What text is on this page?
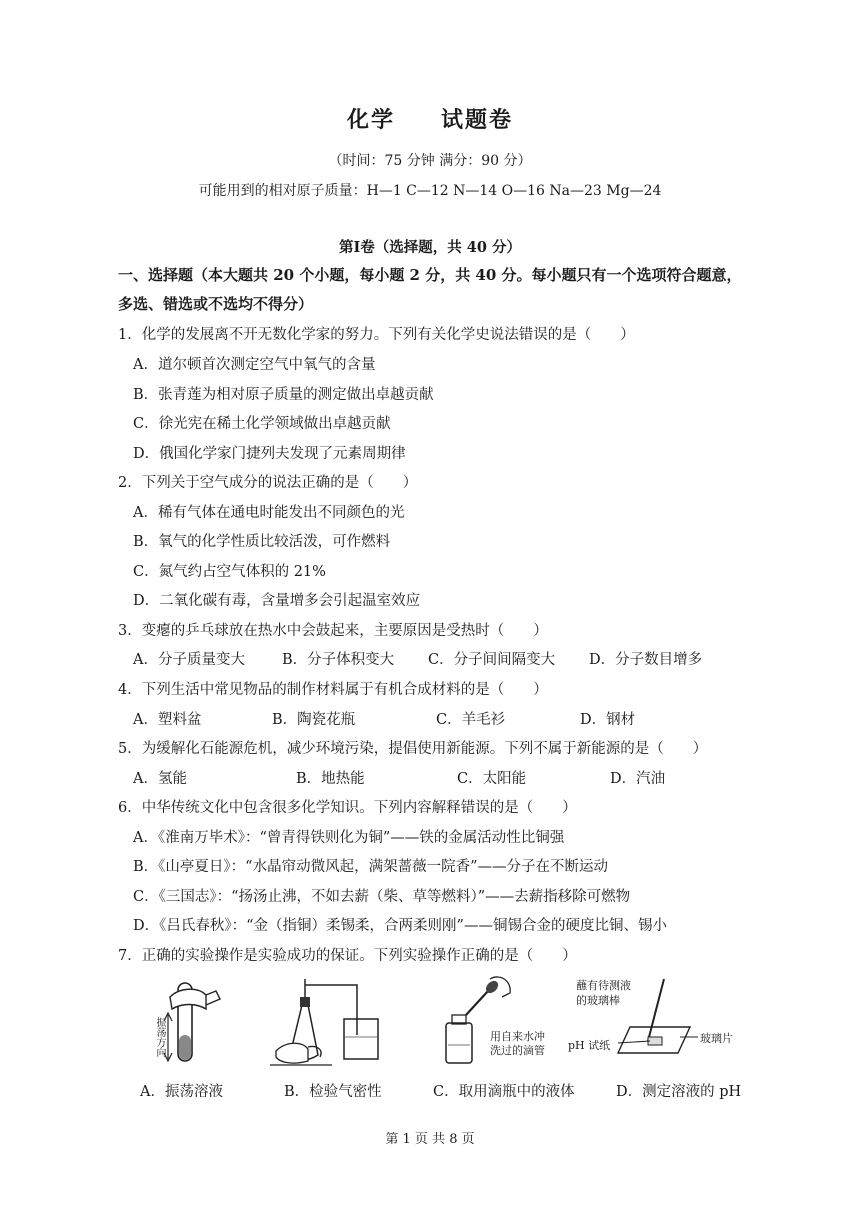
化学 试题卷
（时间：75 分钟 满分：90 分）
可能用到的相对原子质量：H—1 C—12 N—14 O—16 Na—23 Mg—24
第Ⅰ卷（选择题，共 40 分）
一、选择题（本大题共 20 个小题，每小题 2 分，共 40 分。每小题只有一个选项符合题意，
多选、错选或不选均不得分）
1．化学的发展离不开无数化学家的努力。下列有关化学史说法错误的是（　　）
A．道尔顿首次测定空气中氧气的含量
B．张青莲为相对原子质量的测定做出卓越贡献
C．徐光宪在稀土化学领域做出卓越贡献
D．俄国化学家门捷列夫发现了元素周期律
2．下列关于空气成分的说法正确的是（　　）
A．稀有气体在通电时能发出不同颜色的光
B．氧气的化学性质比较活泼，可作燃料
C．氮气约占空气体积的 21%
D．二氧化碳有毒，含量增多会引起温室效应
3．变瘪的乒乓球放在热水中会鼓起来，主要原因是受热时（　　）
A．分子质量变大	B．分子体积变大 C．分子间间隔变大 D．分子数目增多
4．下列生活中常见物品的制作材料属于有机合成材料的是（　　）
A．塑料盆	B．陶瓷花瓶	C．羊毛衫	D．钢材
5．为缓解化石能源危机，减少环境污染，提倡使用新能源。下列不属于新能源的是（　　）
A．氢能	B．地热能	C．太阳能	D．汽油
6．中华传统文化中包含很多化学知识。下列内容解释错误的是（　　）
A．《淮南万毕术》：“曾青得铁则化为铜”——铁的金属活动性比铜强
B．《山亭夏日》：“水晶帘动微风起，满架蔷薇一院香”——分子在不断运动
C．《三国志》：“扬汤止沸，不如去薪（柴、草等燃料）”——去薪指移除可燃物
D．《吕氏春秋》：“金（指铜）柔锡柔，合两柔则刚”——铜锡合金的硬度比铜、锡小
7．正确的实验操作是实验成功的保证。下列实验操作正确的是（　　）
振荡方向	用自来水冲
洗过的滴管
蘸有待测液
的玻璃棒
pH 试纸
玻璃片
A．振荡溶液	B．检验气密性	C．取用滴瓶中的液体	D．测定溶液的 pH
第 1 页 共 8 页
